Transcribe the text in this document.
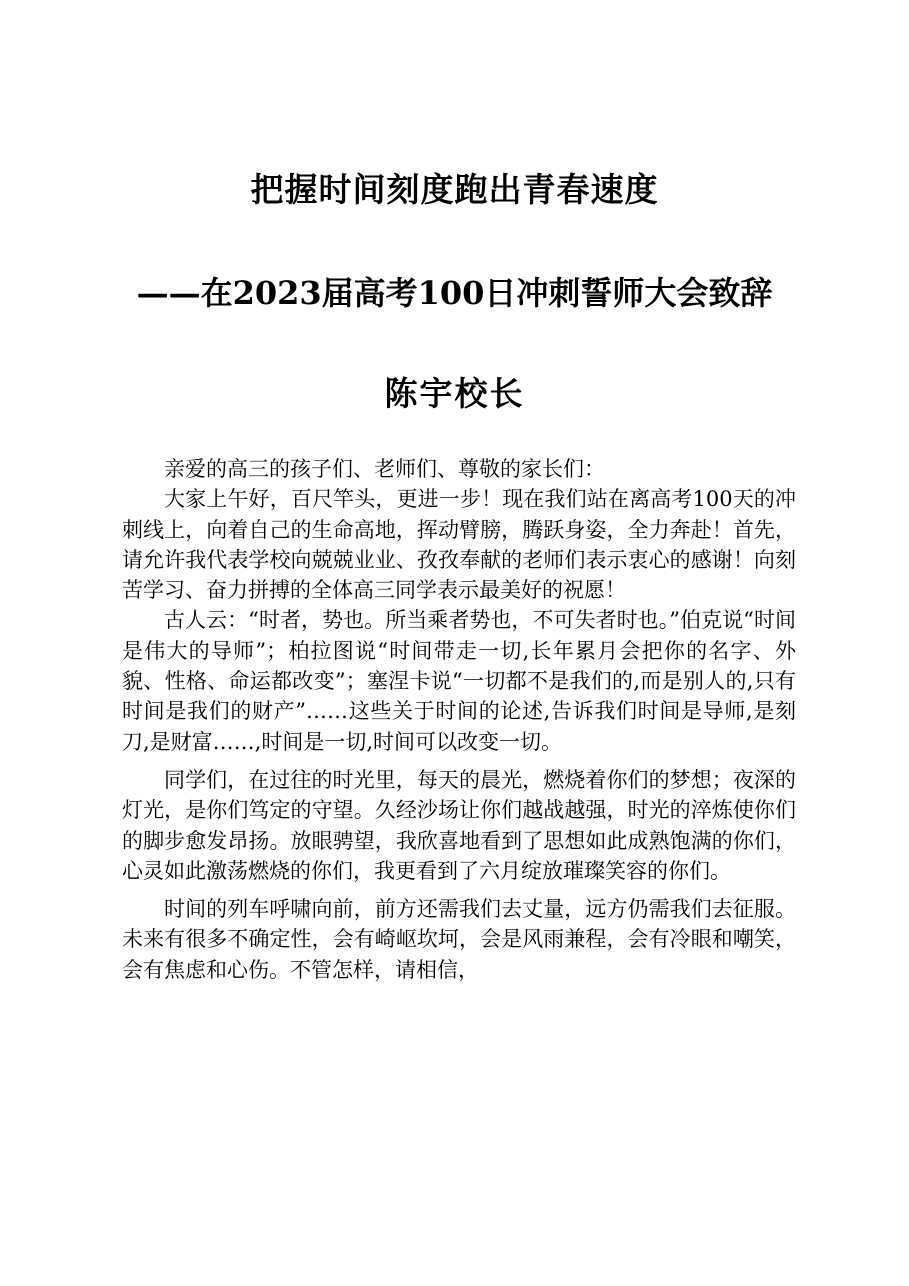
把握时间刻度跑出青春速度
——在2023届高考100日冲刺誓师大会致辞
陈宇校长

亲爱的高三的孩子们、老师们、尊敬的家长们：

大家上午好，百尺竿头，更进一步！现在我们站在离高考100天的冲刺线上，向着自己的生命高地，挥动臂膀，腾跃身姿，全力奔赴！首先，请允许我代表学校向兢兢业业、孜孜奉献的老师们表示衷心的感谢！向刻苦学习、奋力拼搏的全体高三同学表示最美好的祝愿！

古人云：“时者，势也。所当乘者势也，不可失者时也。”伯克说“时间是伟大的导师”；柏拉图说“时间带走一切,长年累月会把你的名字、外貌、性格、命运都改变”；塞涅卡说“一切都不是我们的,而是别人的,只有时间是我们的财产”……这些关于时间的论述,告诉我们时间是导师,是刻刀,是财富……,时间是一切,时间可以改变一切。

同学们，在过往的时光里，每天的晨光，燃烧着你们的梦想；夜深的灯光，是你们笃定的守望。久经沙场让你们越战越强，时光的淬炼使你们的脚步愈发昂扬。放眼骋望，我欣喜地看到了思想如此成熟饱满的你们，心灵如此激荡燃烧的你们，我更看到了六月绽放璀璨笑容的你们。

时间的列车呼啸向前，前方还需我们去丈量，远方仍需我们去征服。未来有很多不确定性，会有崎岖坎坷，会是风雨兼程，会有冷眼和嘲笑，会有焦虑和心伤。不管怎样，请相信，
